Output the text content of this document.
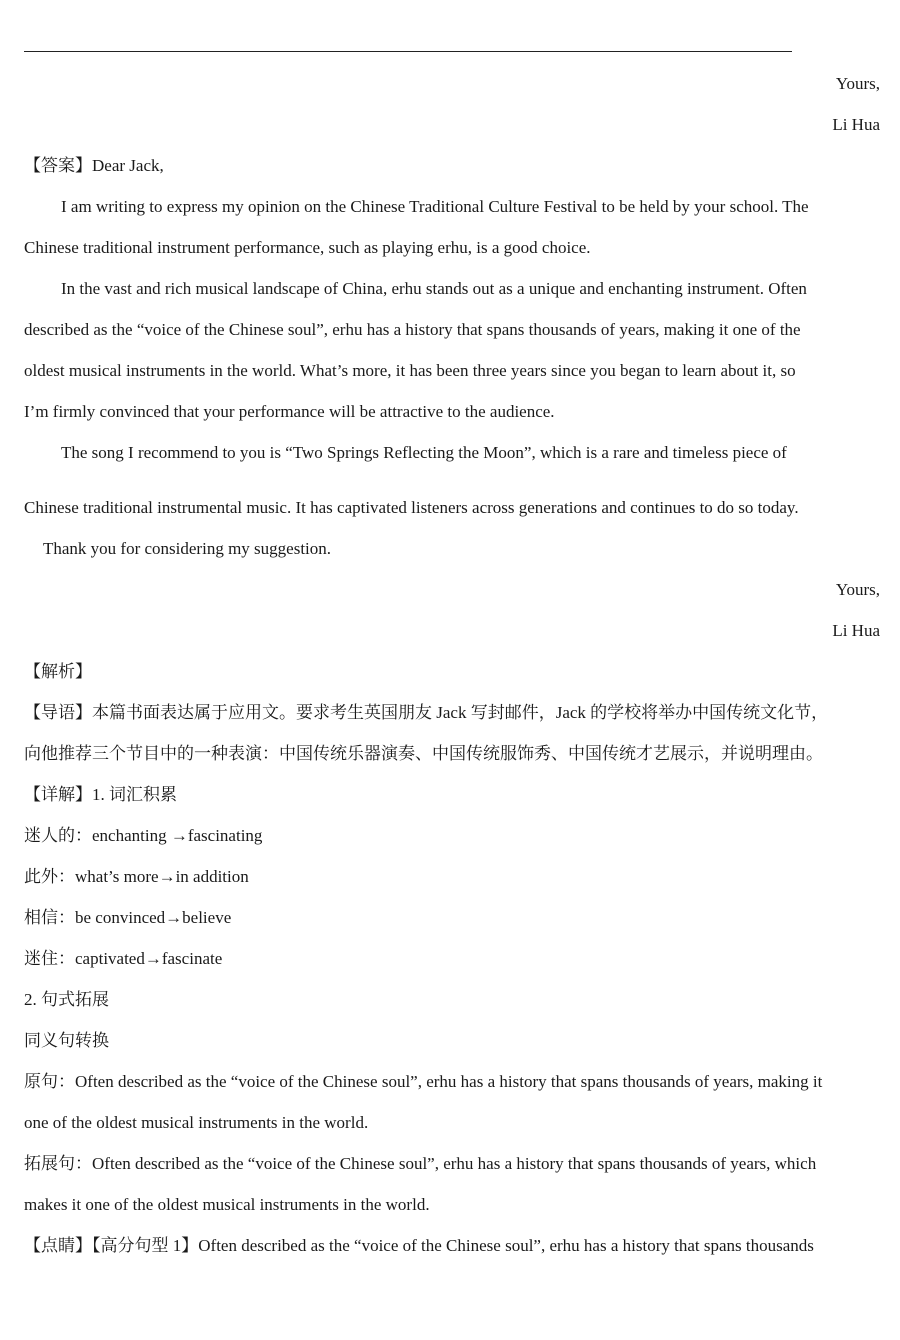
Yours,
Li Hua
【答案】Dear Jack,
I am writing to express my opinion on the Chinese Traditional Culture Festival to be held by your school. The
Chinese traditional instrument performance, such as playing erhu, is a good choice.
In the vast and rich musical landscape of China, erhu stands out as a unique and enchanting instrument. Often
described as the “voice of the Chinese soul”, erhu has a history that spans thousands of years, making it one of the
oldest musical instruments in the world. What’s more, it has been three years since you began to learn about it, so
I’m firmly convinced that your performance will be attractive to the audience.
The song I recommend to you is “Two Springs Reflecting the Moon”, which is a rare and timeless piece of
Chinese traditional instrumental music. It has captivated listeners across generations and continues to do so today.
Thank you for considering my suggestion.
Yours,
Li Hua
【解析】
【导语】本篇书面表达属于应用文。要求考生英国朋友 Jack 写封邮件，Jack 的学校将举办中国传统文化节，
向他推荐三个节目中的一种表演：中国传统乐器演奏、中国传统服饰秀、中国传统才艺展示，并说明理由。
【详解】1. 词汇积累
迷人的：enchanting →fascinating
此外：what’s more→in addition
相信：be convinced→believe
迷住：captivated→fascinate
2. 句式拓展
同义句转换
原句：Often described as the “voice of the Chinese soul”, erhu has a history that spans thousands of years, making it
one of the oldest musical instruments in the world.
拓展句：Often described as the “voice of the Chinese soul”, erhu has a history that spans thousands of years, which
makes it one of the oldest musical instruments in the world.
【点睛】【高分句型 1】Often described as the “voice of the Chinese soul”, erhu has a history that spans thousands
